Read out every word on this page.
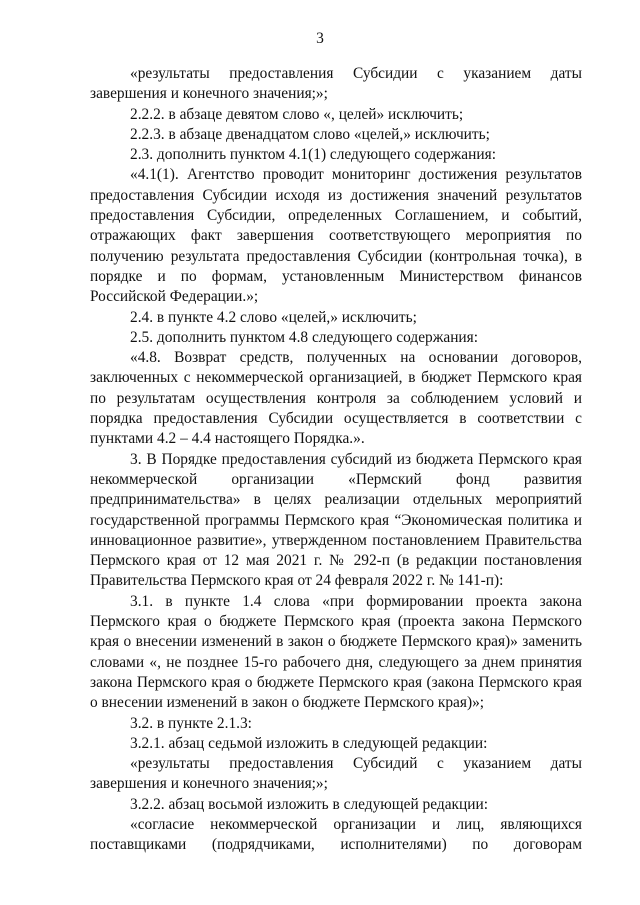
3

«результаты предоставления Субсидии с указанием даты завершения и конечного значения;»;

2.2.2. в абзаце девятом слово «, целей» исключить;

2.2.3. в абзаце двенадцатом слово «целей,» исключить;

2.3. дополнить пунктом 4.1(1) следующего содержания:

«4.1(1). Агентство проводит мониторинг достижения результатов предоставления Субсидии исходя из достижения значений результатов предоставления Субсидии, определенных Соглашением, и событий, отражающих факт завершения соответствующего мероприятия по получению результата предоставления Субсидии (контрольная точка), в порядке и по формам, установленным Министерством финансов Российской Федерации.»;

2.4. в пункте 4.2 слово «целей,» исключить;

2.5. дополнить пунктом 4.8 следующего содержания:

«4.8. Возврат средств, полученных на основании договоров, заключенных с некоммерческой организацией, в бюджет Пермского края по результатам осуществления контроля за соблюдением условий и порядка предоставления Субсидии осуществляется в соответствии с пунктами 4.2 – 4.4 настоящего Порядка.».

3. В Порядке предоставления субсидий из бюджета Пермского края некоммерческой организации «Пермский фонд развития предпринимательства» в целях реализации отдельных мероприятий государственной программы Пермского края “Экономическая политика и инновационное развитие», утвержденном постановлением Правительства Пермского края от 12 мая 2021 г. № 292-п (в редакции постановления Правительства Пермского края от 24 февраля 2022 г. № 141-п):

3.1. в пункте 1.4 слова «при формировании проекта закона Пермского края о бюджете Пермского края (проекта закона Пермского края о внесении изменений в закон о бюджете Пермского края)» заменить словами «, не позднее 15-го рабочего дня, следующего за днем принятия закона Пермского края о бюджете Пермского края (закона Пермского края о внесении изменений в закон о бюджете Пермского края)»;

3.2. в пункте 2.1.3:

3.2.1. абзац седьмой изложить в следующей редакции:

«результаты предоставления Субсидий с указанием даты завершения и конечного значения;»;

3.2.2. абзац восьмой изложить в следующей редакции:

«согласие некоммерческой организации и лиц, являющихся поставщиками (подрядчиками, исполнителями) по договорам
